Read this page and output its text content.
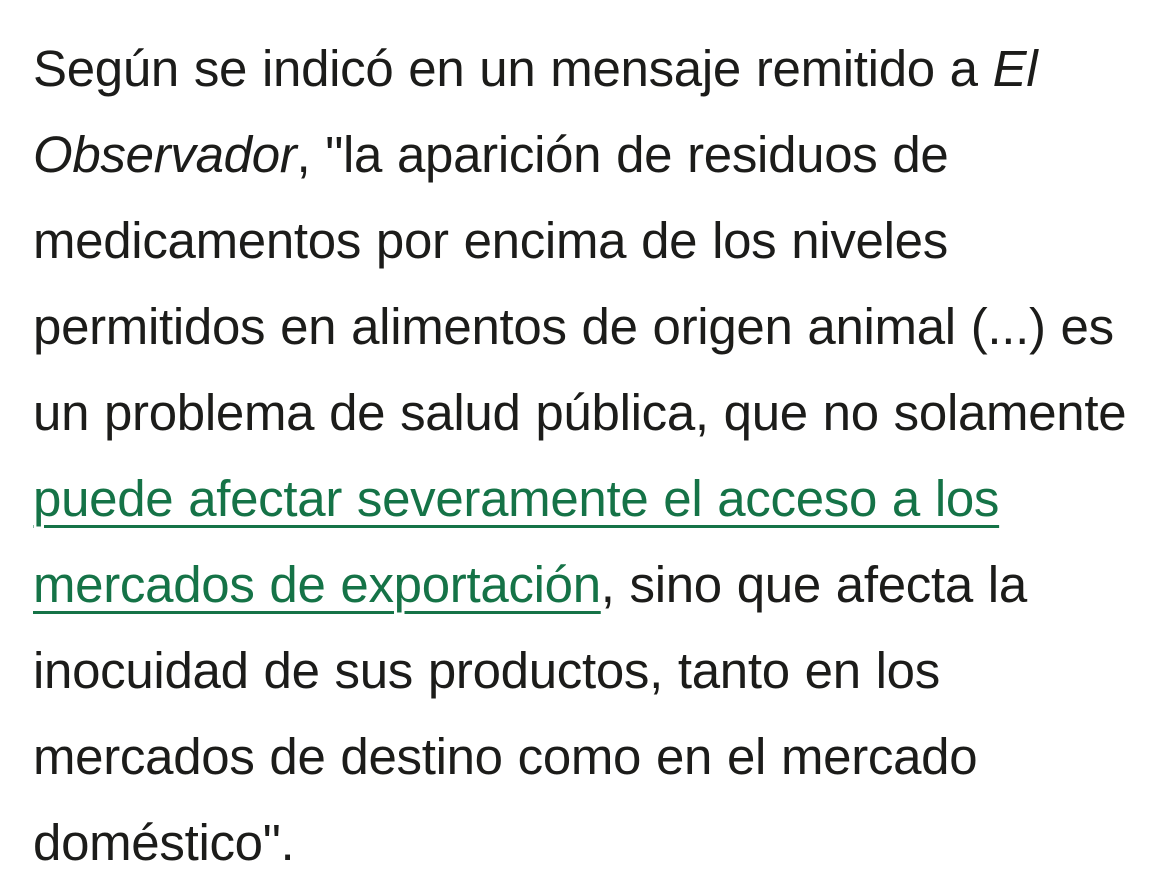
Según se indicó en un mensaje remitido a El Observador, "la aparición de residuos de medicamentos por encima de los niveles permitidos en alimentos de origen animal (...) es un problema de salud pública, que no solamente puede afectar severamente el acceso a los mercados de exportación, sino que afecta la inocuidad de sus productos, tanto en los mercados de destino como en el mercado doméstico".
